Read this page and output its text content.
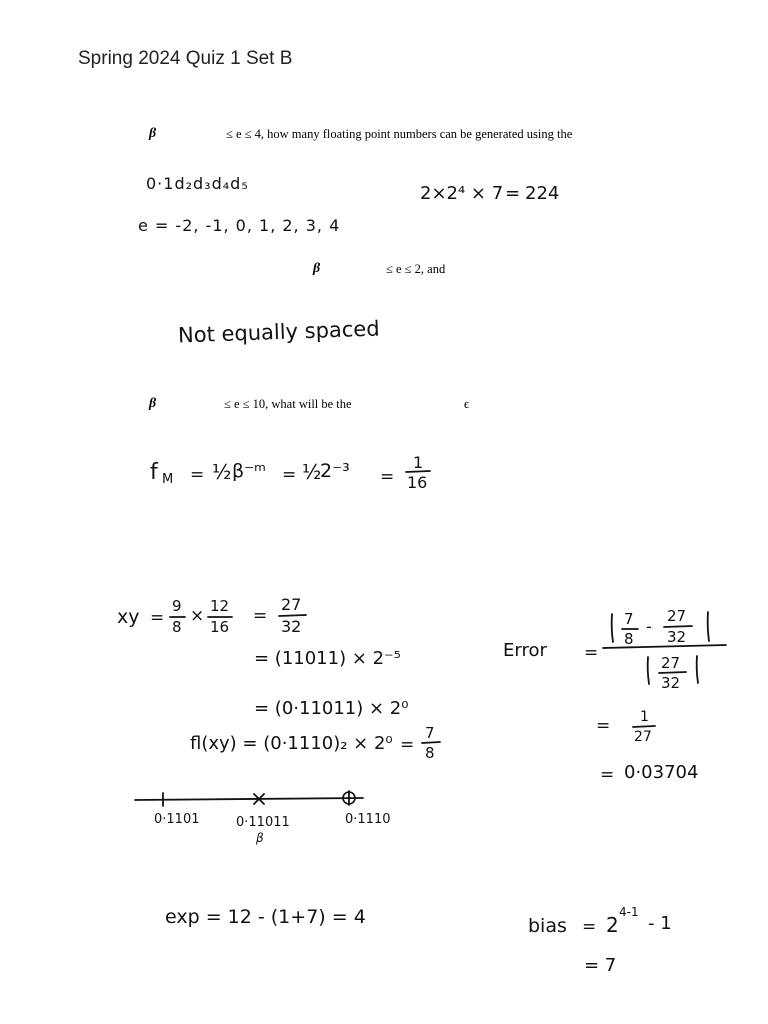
Spring 2024 Quiz 1 Set B
β	≤ e ≤ 4, how many floating point numbers can be generated using the
β	≤ e ≤ 2, and
β	≤ e ≤ 10, what will be the	ϵ
0·1d₂d₃d₄d₅
e = -2, -1, 0, 1, 2, 3, 4
2×2⁴ × 7 = 224
Not equally spaced
f M = ½ β⁻ᵐ = ½
2⁻³ =
1
16
xy =
9
8
× 12
16
=
27
32
= (11011) × 2⁻⁵
= (0·11011) × 2⁰
fl(xy) = (0·1110)₂ × 2⁰ =
7
8
0·1101	0·11011
β
0·1110
Error =
7
8
-
27
32
27
32
= 1
27
= 0·03704
exp = 12 - (1+7) = 4	bias = 2
4-1
- 1
= 7
